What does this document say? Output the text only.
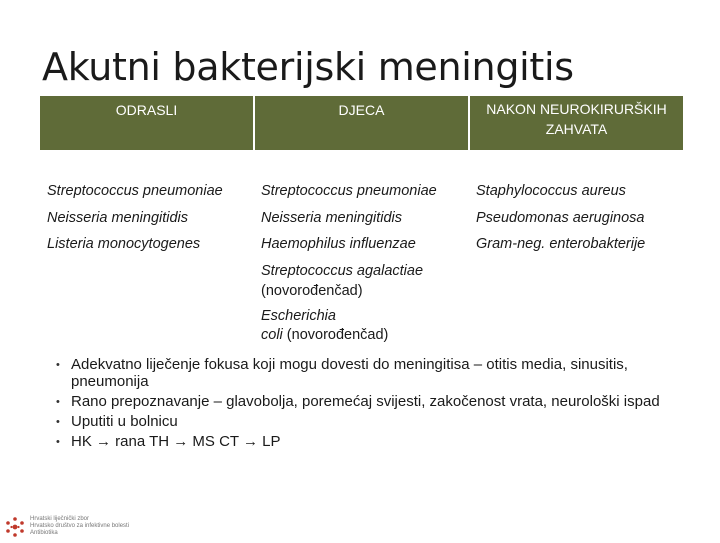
Akutni bakterijski meningitis
ODRASLI	DJECA	NAKON NEUROKIRURŠKIH ZAHVATA
Streptococcus pneumoniae
Neisseria meningitidis
Listeria monocytogenes
Streptococcus pneumoniae
Neisseria meningitidis
Haemophilus influenzae
Streptococcus agalactiae
(novorođenčad)
Escherichia
coli (novorođenčad)
Staphylococcus aureus
Pseudomonas aeruginosa
Gram-neg. enterobakterije
• Adekvatno liječenje fokusa koji mogu dovesti do meningitisa – otitis media, sinusitis, pneumonija
• Rano prepoznavanje – glavobolja, poremećaj svijesti, zakočenost vrata, neurološki ispad
• Uputiti u bolnicu
• HK → rana TH → MS CT → LP
Hrvatski liječnički zbor
Hrvatsko društvo za infektivne bolesti
Antibiotika
